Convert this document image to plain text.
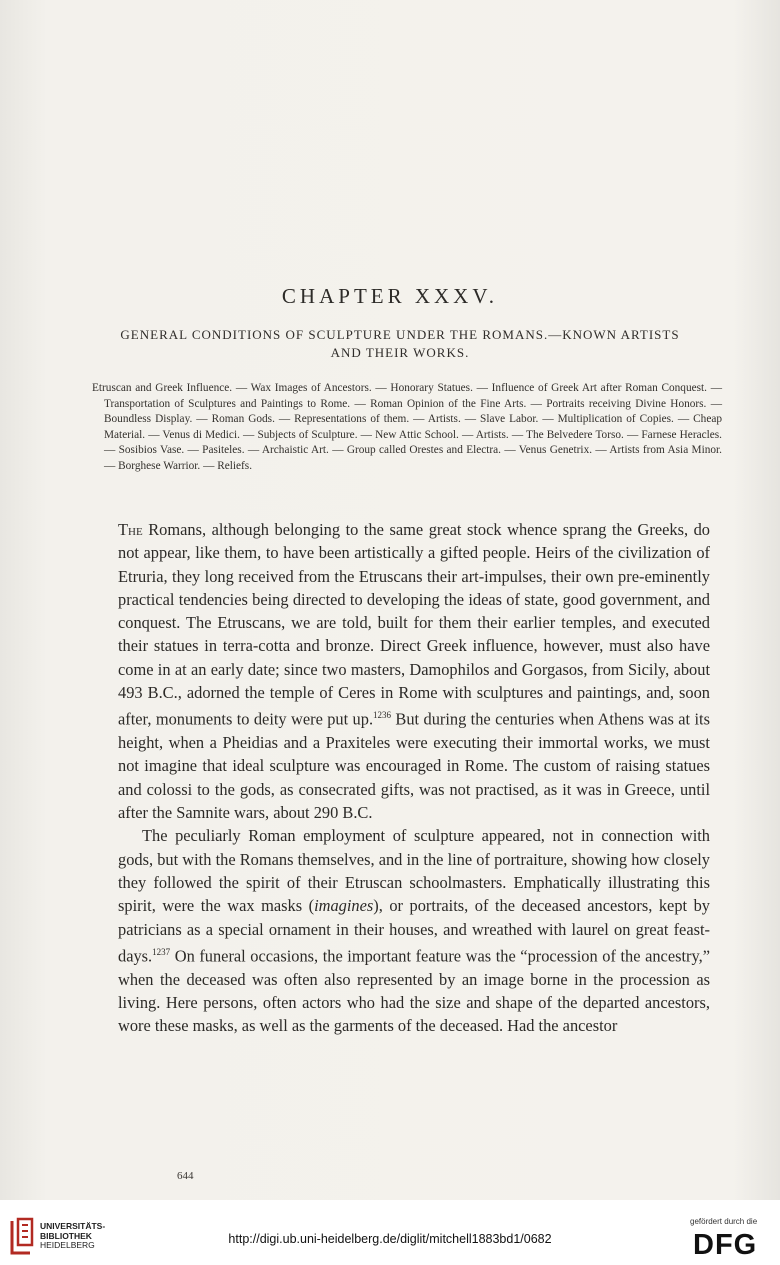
CHAPTER XXXV.
GENERAL CONDITIONS OF SCULPTURE UNDER THE ROMANS.—KNOWN ARTISTS AND THEIR WORKS.
Etruscan and Greek Influence. — Wax Images of Ancestors. — Honorary Statues. — Influence of Greek Art after Roman Conquest. — Transportation of Sculptures and Paintings to Rome. — Roman Opinion of the Fine Arts. — Portraits receiving Divine Honors. — Boundless Display. — Roman Gods. — Representations of them. — Artists. — Slave Labor. — Multiplication of Copies. — Cheap Material. — Venus di Medici. — Subjects of Sculpture. — New Attic School. — Artists. — The Belvedere Torso. — Farnese Heracles. — Sosibios Vase. — Pasiteles. — Archaistic Art. — Group called Orestes and Electra. — Venus Genetrix. — Artists from Asia Minor. — Borghese Warrior. — Reliefs.

The Romans, although belonging to the same great stock whence sprang the Greeks, do not appear, like them, to have been artistically a gifted people. Heirs of the civilization of Etruria, they long received from the Etruscans their art-impulses, their own pre-eminently practical tendencies being directed to developing the ideas of state, good government, and conquest. The Etruscans, we are told, built for them their earlier temples, and executed their statues in terra-cotta and bronze. Direct Greek influence, however, must also have come in at an early date; since two masters, Damophilos and Gorgasos, from Sicily, about 493 B.C., adorned the temple of Ceres in Rome with sculptures and paintings, and, soon after, monuments to deity were put up.$^{1236}$ But during the centuries when Athens was at its height, when a Pheidias and a Praxiteles were executing their immortal works, we must not imagine that ideal sculpture was encouraged in Rome. The custom of raising statues and colossi to the gods, as consecrated gifts, was not practised, as it was in Greece, until after the Samnite wars, about 290 B.C.

The peculiarly Roman employment of sculpture appeared, not in connection with gods, but with the Romans themselves, and in the line of portraiture, showing how closely they followed the spirit of their Etruscan schoolmasters. Emphatically illustrating this spirit, were the wax masks (imagines), or portraits, of the deceased ancestors, kept by patricians as a special ornament in their houses, and wreathed with laurel on great feast-days.$^{1237}$ On funeral occasions, the important feature was the “procession of the ancestry,” when the deceased was often also represented by an image borne in the procession as living. Here persons, often actors who had the size and shape of the departed ancestors, wore these masks, as well as the garments of the deceased. Had the ancestor

644
UNIVERSITÄTS-
BIBLIOTHEK
HEIDELBERG	http://digi.ub.uni-heidelberg.de/diglit/mitchell1883bd1/0682
gefördert durch die
DFG
